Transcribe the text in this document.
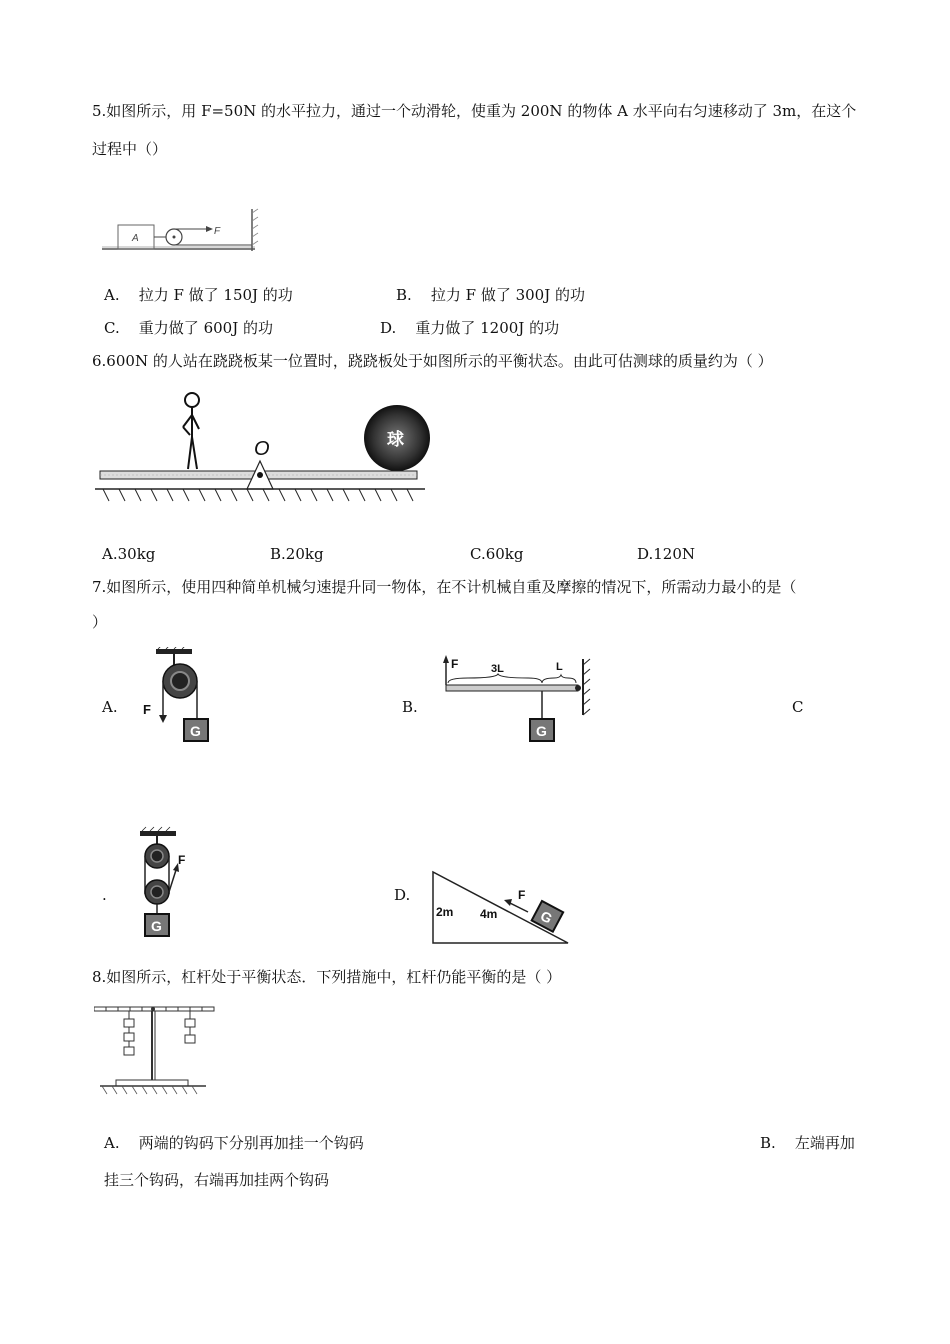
5.如图所示，用 F=50N 的水平拉力，通过一个动滑轮，使重为 200N 的物体 A 水平向右匀速移动了 3m，在这个
过程中（）
A
F
A. 拉力 F 做了 150J 的功	B. 拉力 F 做了 300J 的功
C. 重力做了 600J 的功	D. 重力做了 1200J 的功
6.600N 的人站在跷跷板某一位置时，跷跷板处于如图所示的平衡状态。由此可估测球的质量约为（ ）
O	球
A.30kg	B.20kg	C.60kg	D.120N
7.如图所示，使用四种简单机械匀速提升同一物体，在不计机械自重及摩擦的情况下，所需动力最小的是（
）
A. F
G
B.
F	3L	L
G
C
.
F
G
D.
2m 4m	G
F
8.如图所示，杠杆处于平衡状态．下列措施中，杠杆仍能平衡的是（ ）
A. 两端的钩码下分别再加挂一个钩码	B. 左端再加
挂三个钩码，右端再加挂两个钩码
